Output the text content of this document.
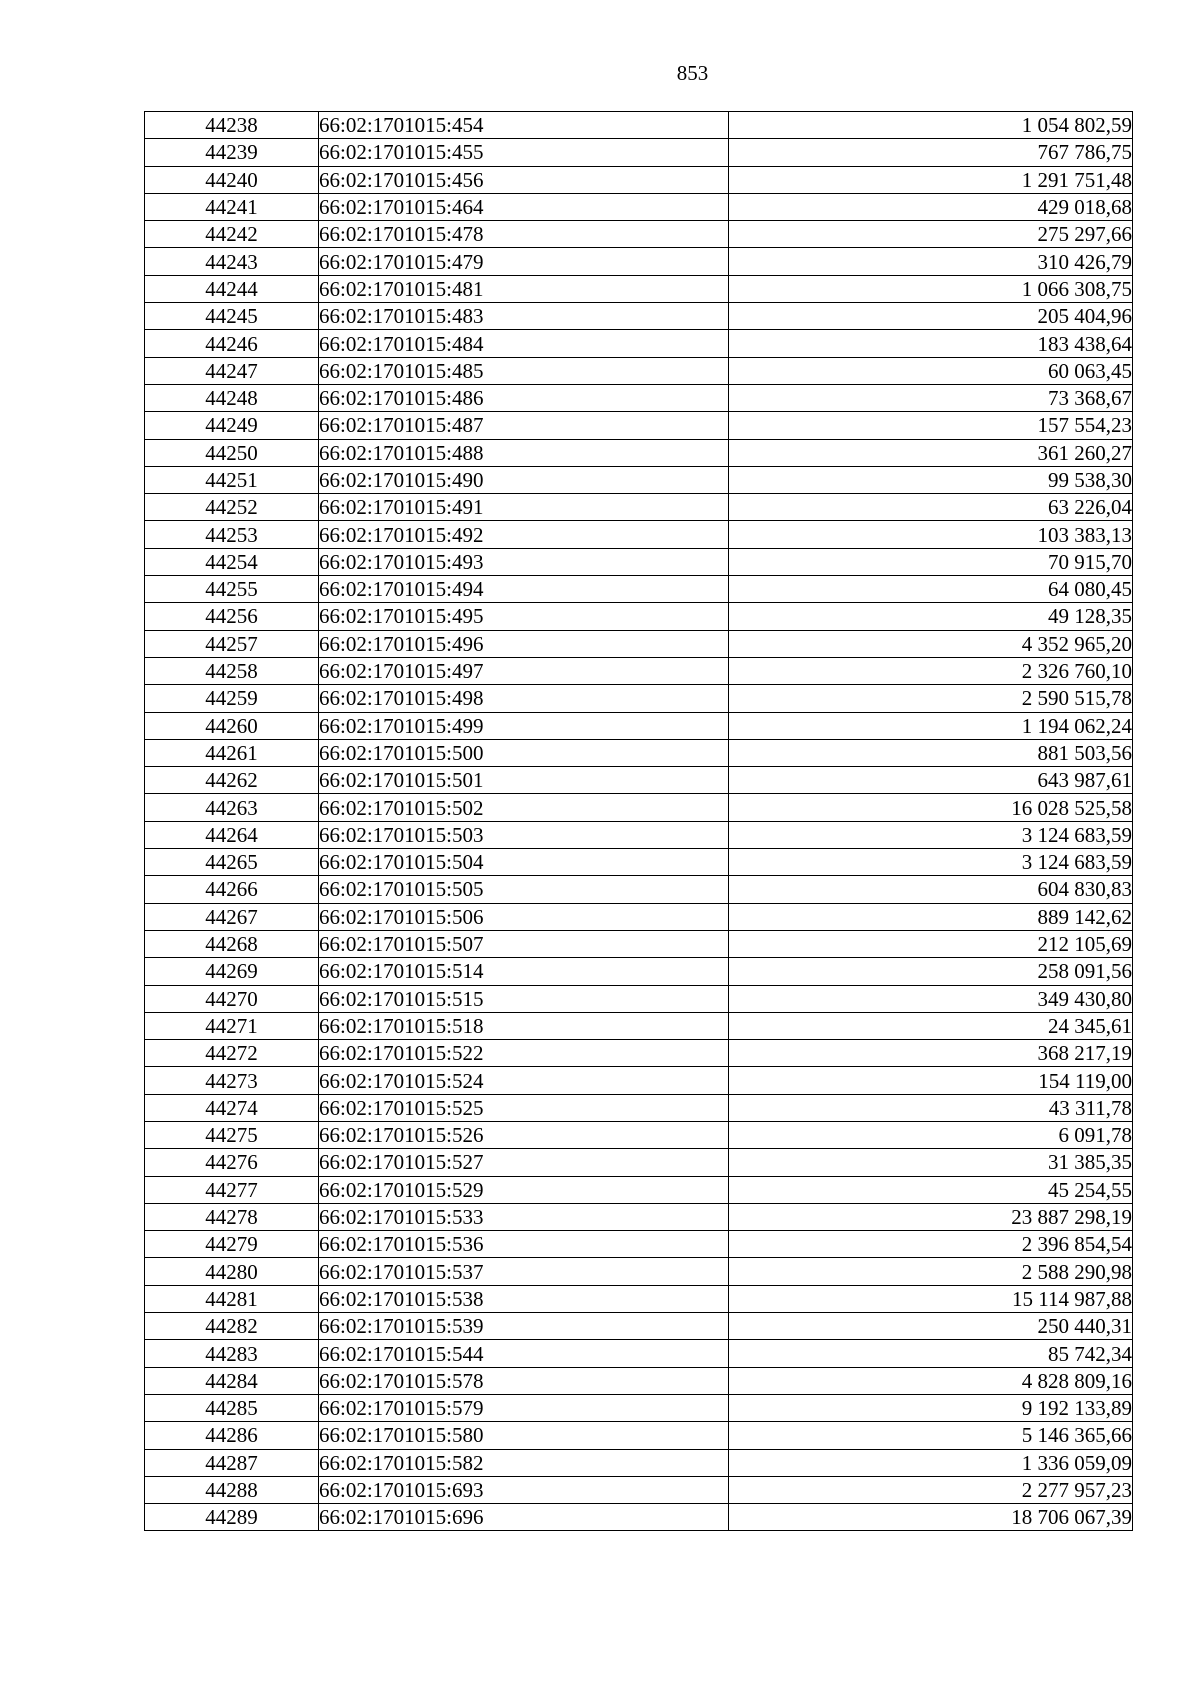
853
44238	66:02:1701015:454	1 054 802,59
44239	66:02:1701015:455	767 786,75
44240	66:02:1701015:456	1 291 751,48
44241	66:02:1701015:464	429 018,68
44242	66:02:1701015:478	275 297,66
44243	66:02:1701015:479	310 426,79
44244	66:02:1701015:481	1 066 308,75
44245	66:02:1701015:483	205 404,96
44246	66:02:1701015:484	183 438,64
44247	66:02:1701015:485	60 063,45
44248	66:02:1701015:486	73 368,67
44249	66:02:1701015:487	157 554,23
44250	66:02:1701015:488	361 260,27
44251	66:02:1701015:490	99 538,30
44252	66:02:1701015:491	63 226,04
44253	66:02:1701015:492	103 383,13
44254	66:02:1701015:493	70 915,70
44255	66:02:1701015:494	64 080,45
44256	66:02:1701015:495	49 128,35
44257	66:02:1701015:496	4 352 965,20
44258	66:02:1701015:497	2 326 760,10
44259	66:02:1701015:498	2 590 515,78
44260	66:02:1701015:499	1 194 062,24
44261	66:02:1701015:500	881 503,56
44262	66:02:1701015:501	643 987,61
44263	66:02:1701015:502	16 028 525,58
44264	66:02:1701015:503	3 124 683,59
44265	66:02:1701015:504	3 124 683,59
44266	66:02:1701015:505	604 830,83
44267	66:02:1701015:506	889 142,62
44268	66:02:1701015:507	212 105,69
44269	66:02:1701015:514	258 091,56
44270	66:02:1701015:515	349 430,80
44271	66:02:1701015:518	24 345,61
44272	66:02:1701015:522	368 217,19
44273	66:02:1701015:524	154 119,00
44274	66:02:1701015:525	43 311,78
44275	66:02:1701015:526	6 091,78
44276	66:02:1701015:527	31 385,35
44277	66:02:1701015:529	45 254,55
44278	66:02:1701015:533	23 887 298,19
44279	66:02:1701015:536	2 396 854,54
44280	66:02:1701015:537	2 588 290,98
44281	66:02:1701015:538	15 114 987,88
44282	66:02:1701015:539	250 440,31
44283	66:02:1701015:544	85 742,34
44284	66:02:1701015:578	4 828 809,16
44285	66:02:1701015:579	9 192 133,89
44286	66:02:1701015:580	5 146 365,66
44287	66:02:1701015:582	1 336 059,09
44288	66:02:1701015:693	2 277 957,23
44289	66:02:1701015:696	18 706 067,39
